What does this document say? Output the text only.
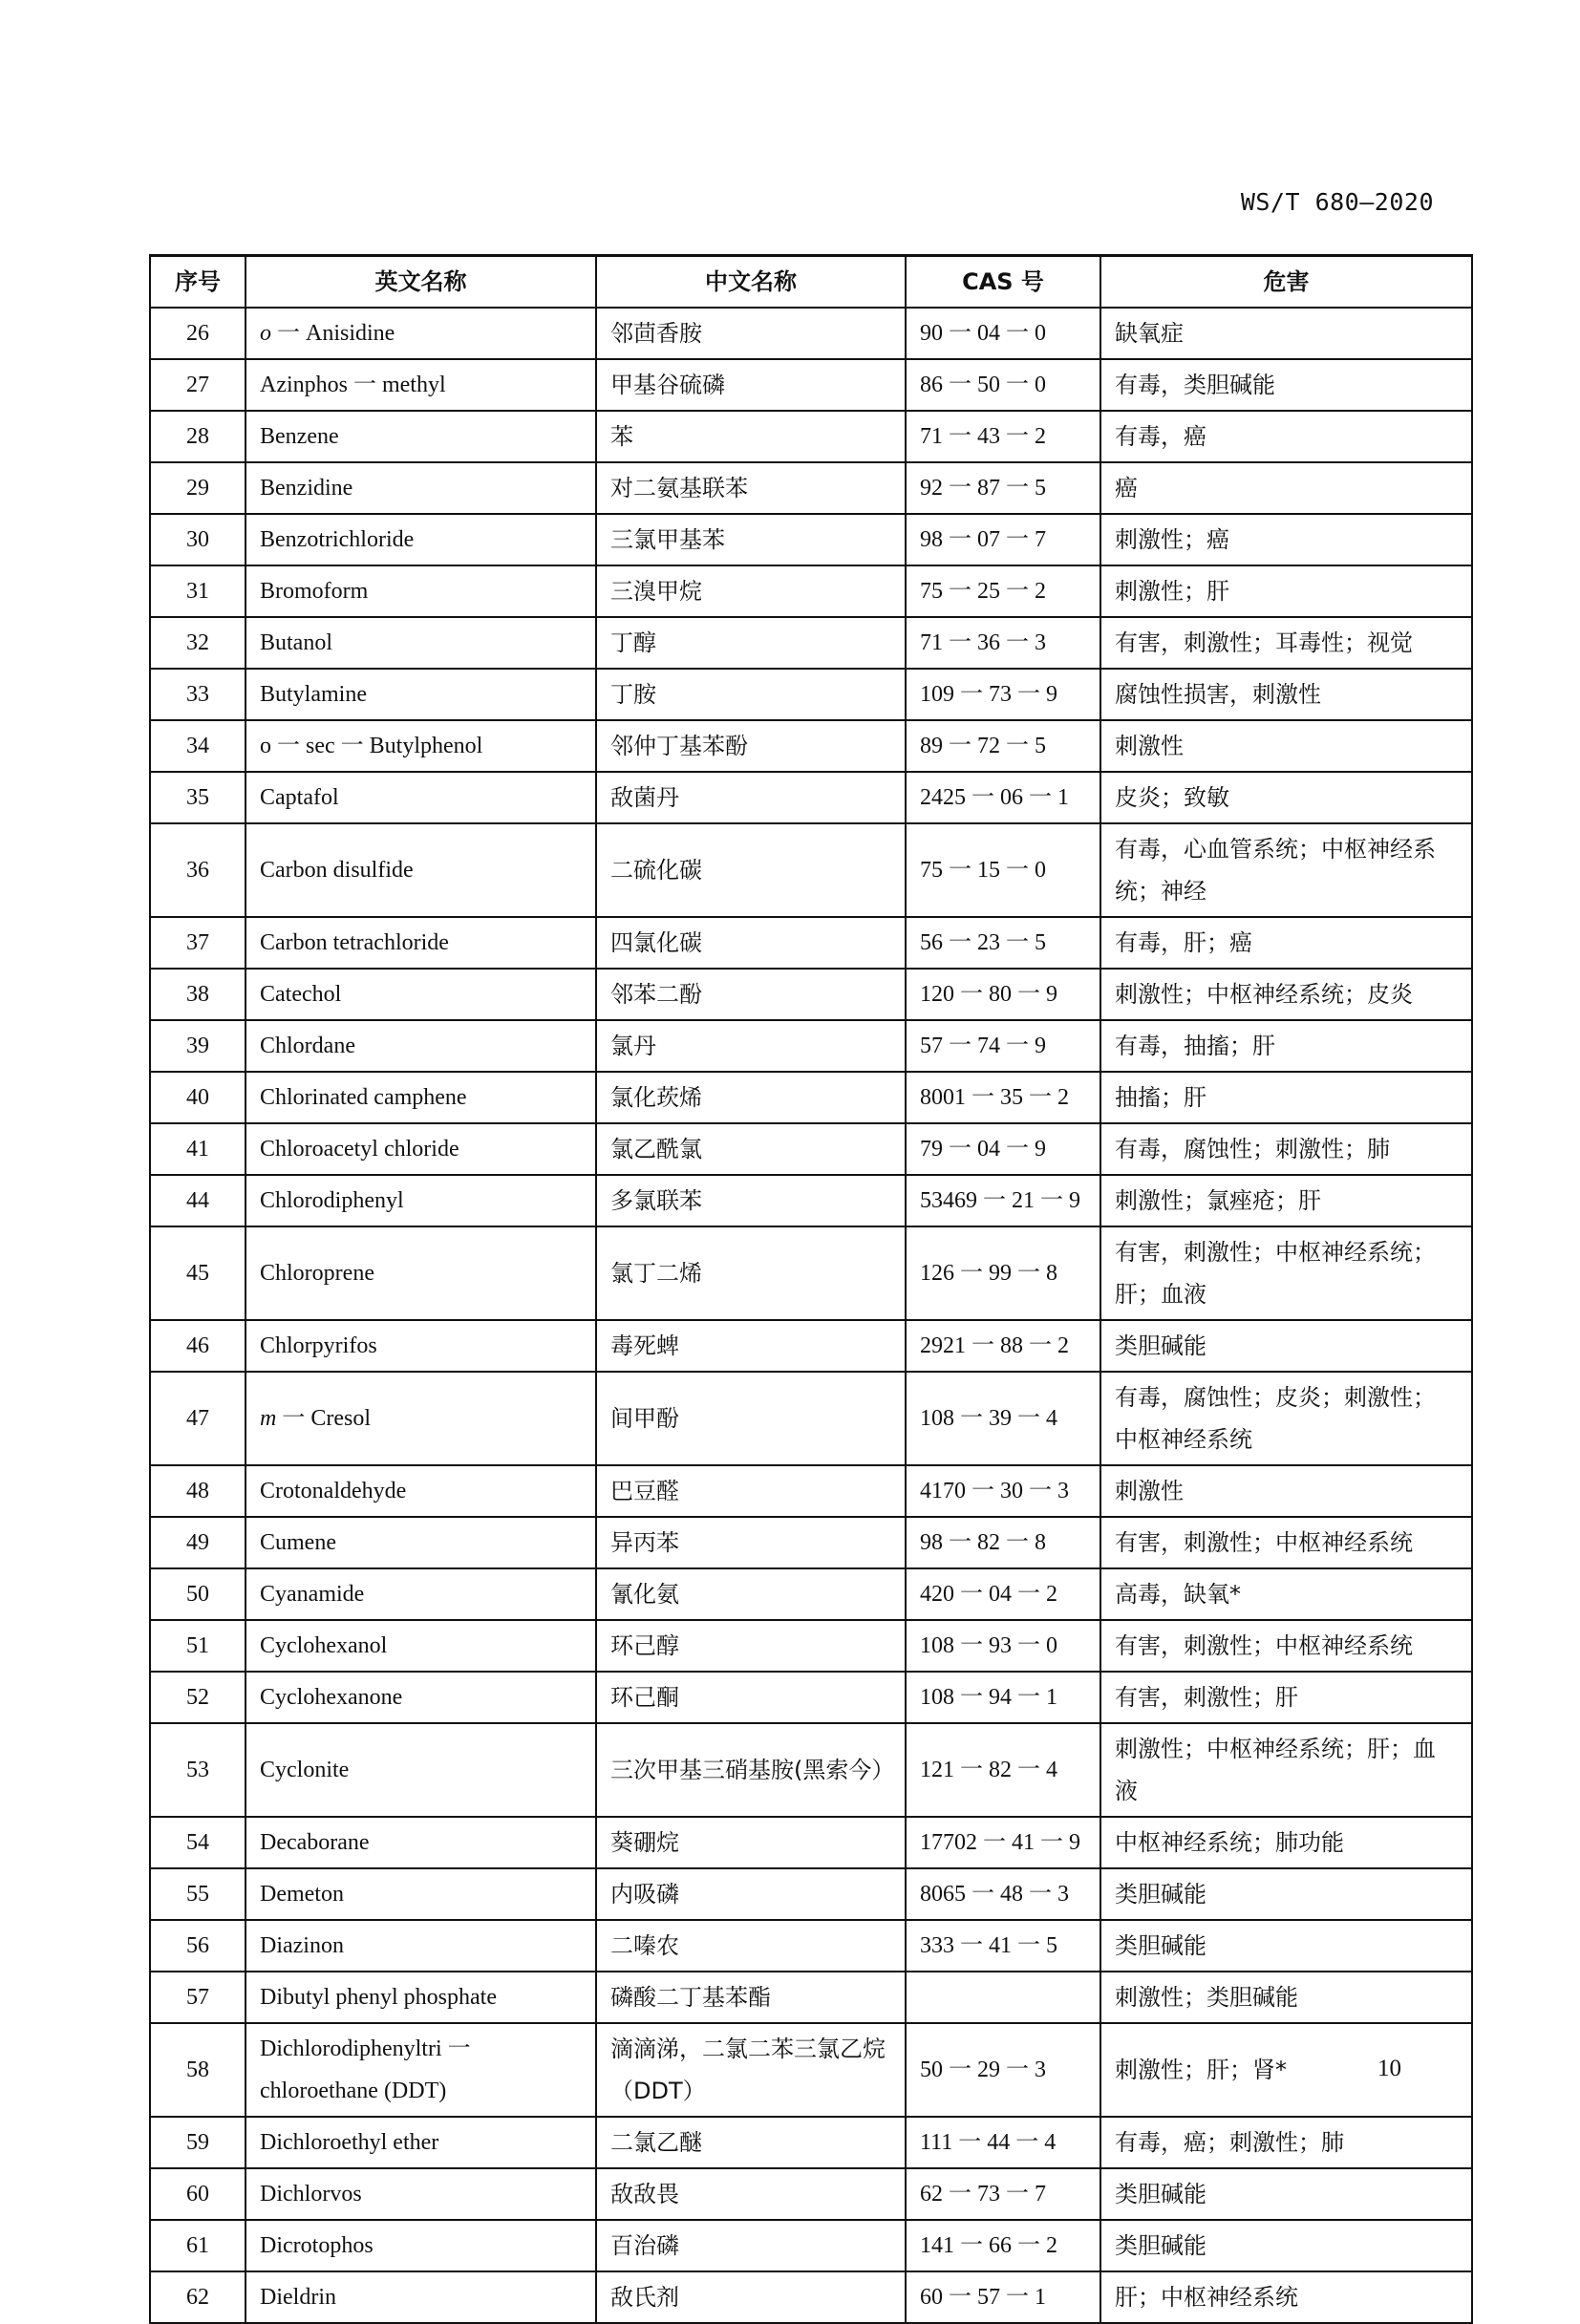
WS/T 680—2020
序号	英文名称	中文名称	CAS 号	危害
26	o 一 Anisidine	邻茴香胺	90 一 04 一 0	缺氧症
27	Azinphos 一 methyl	甲基谷硫磷	86 一 50 一 0	有毒，类胆碱能
28	Benzene	苯	71 一 43 一 2	有毒，癌
29	Benzidine	对二氨基联苯	92 一 87 一 5	癌
30	Benzotrichloride	三氯甲基苯	98 一 07 一 7	刺激性；癌
31	Bromoform	三溴甲烷	75 一 25 一 2	刺激性；肝
32	Butanol	丁醇	71 一 36 一 3	有害，刺激性；耳毒性；视觉
33	Butylamine	丁胺	109 一 73 一 9	腐蚀性损害，刺激性
34	o 一 sec 一 Butylphenol	邻仲丁基苯酚	89 一 72 一 5	刺激性
35	Captafol	敌菌丹	2425 一 06 一 1	皮炎；致敏
36	Carbon disulfide	二硫化碳	75 一 15 一 0	有毒，心血管系统；中枢神经系统；神经
37	Carbon tetrachloride	四氯化碳	56 一 23 一 5	有毒，肝；癌
38	Catechol	邻苯二酚	120 一 80 一 9	刺激性；中枢神经系统；皮炎
39	Chlordane	氯丹	57 一 74 一 9	有毒，抽搐；肝
40	Chlorinated camphene	氯化莰烯	8001 一 35 一 2	抽搐；肝
41	Chloroacetyl chloride	氯乙酰氯	79 一 04 一 9	有毒，腐蚀性；刺激性；肺
44	Chlorodiphenyl	多氯联苯	53469 一 21 一 9	刺激性；氯痤疮；肝
45	Chloroprene	氯丁二烯	126 一 99 一 8	有害，刺激性；中枢神经系统；肝；血液
46	Chlorpyrifos	毒死蜱	2921 一 88 一 2	类胆碱能
47	m 一 Cresol	间甲酚	108 一 39 一 4	有毒，腐蚀性；皮炎；刺激性；中枢神经系统
48	Crotonaldehyde	巴豆醛	4170 一 30 一 3	刺激性
49	Cumene	异丙苯	98 一 82 一 8	有害，刺激性；中枢神经系统
50	Cyanamide	氰化氨	420 一 04 一 2	高毒，缺氧*
51	Cyclohexanol	环己醇	108 一 93 一 0	有害，刺激性；中枢神经系统
52	Cyclohexanone	环己酮	108 一 94 一 1	有害，刺激性；肝
53	Cyclonite	三次甲基三硝基胺(黑索今）	121 一 82 一 4	刺激性；中枢神经系统；肝；血液
54	Decaborane	葵硼烷	17702 一 41 一 9	中枢神经系统；肺功能
55	Demeton	内吸磷	8065 一 48 一 3	类胆碱能
56	Diazinon	二嗪农	333 一 41 一 5	类胆碱能
57	Dibutyl phenyl phosphate	磷酸二丁基苯酯		刺激性；类胆碱能
58	Dichlorodiphenyltri 一 chloroethane (DDT)	滴滴涕，二氯二苯三氯乙烷（DDT）	50 一 29 一 3	刺激性；肝；肾*
59	Dichloroethyl ether	二氯乙醚	111 一 44 一 4	有毒，癌；刺激性；肺
60	Dichlorvos	敌敌畏	62 一 73 一 7	类胆碱能
61	Dicrotophos	百治磷	141 一 66 一 2	类胆碱能
62	Dieldrin	敌氏剂	60 一 57 一 1	肝；中枢神经系统
10
